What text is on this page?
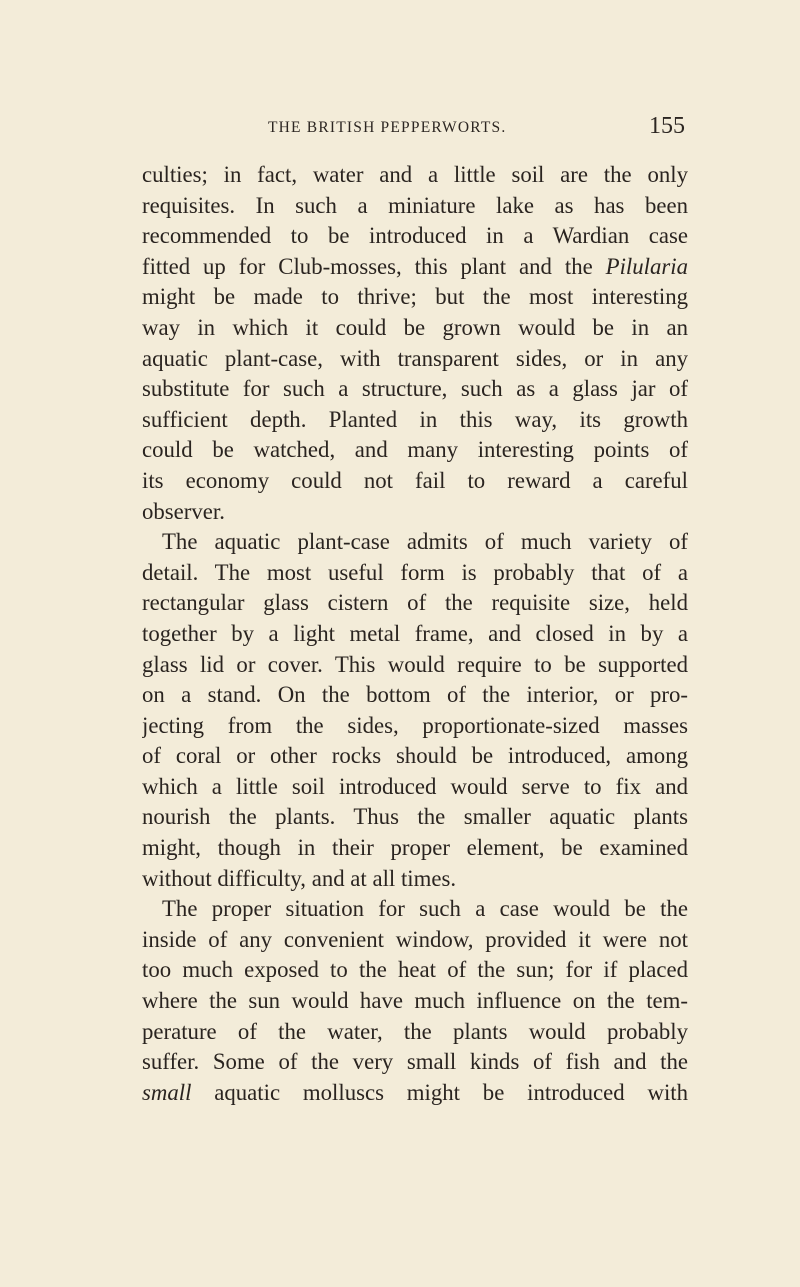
THE BRITISH PEPPERWORTS.	155
culties; in fact, water and a little soil are the only
requisites. In such a miniature lake as has been
recommended to be introduced in a Wardian case
fitted up for Club-mosses, this plant and the Pilularia
might be made to thrive; but the most interesting
way in which it could be grown would be in an
aquatic plant-case, with transparent sides, or in any
substitute for such a structure, such as a glass jar of
sufficient depth. Planted in this way, its growth
could be watched, and many interesting points of
its economy could not fail to reward a careful
observer.
The aquatic plant-case admits of much variety of
detail. The most useful form is probably that of a
rectangular glass cistern of the requisite size, held
together by a light metal frame, and closed in by a
glass lid or cover. This would require to be supported
on a stand. On the bottom of the interior, or pro-
jecting from the sides, proportionate-sized masses
of coral or other rocks should be introduced, among
which a little soil introduced would serve to fix and
nourish the plants. Thus the smaller aquatic plants
might, though in their proper element, be examined
without difficulty, and at all times.
The proper situation for such a case would be the
inside of any convenient window, provided it were not
too much exposed to the heat of the sun; for if placed
where the sun would have much influence on the tem-
perature of the water, the plants would probably
suffer. Some of the very small kinds of fish and the
small aquatic molluscs might be introduced with
